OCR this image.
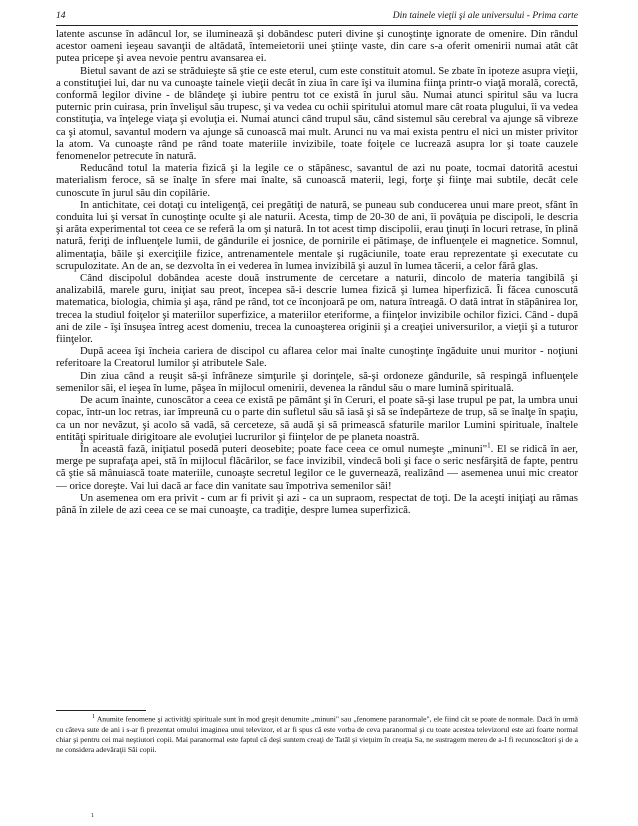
14	Din tainele vieţii şi ale universului - Prima carte

latente ascunse în adâncul lor, se iluminează şi dobândesc puteri divine şi cunoştinţe ignorate de omenire. Din rândul acestor oameni ieşeau savanţii de altădată, întemeietorii unei ştiinţe vaste, din care s-a oferit omenirii numai atât cât putea pricepe şi avea nevoie pentru avansarea ei.

Bietul savant de azi se străduieşte să ştie ce este eterul, cum este constituit atomul. Se zbate în ipoteze asupra vieţii, a constituţiei lui, dar nu va cunoaşte tainele vieţii decât în ziua în care îşi va ilumina fiinţa printr-o viaţă morală, corectă, conformă legilor divine - de blândeţe şi iubire pentru tot ce există în jurul său. Numai atunci spiritul său va lucra puternic prin cuirasa, prin învelişul său trupesc, şi va vedea cu ochii spiritului atomul mare cât roata plugului, îi va vedea constituţia, va înţelege viaţa şi evoluţia ei. Numai atunci când trupul său, când sistemul său cerebral va ajunge să vibreze ca şi atomul, savantul modern va ajunge să cunoască mai mult. Arunci nu va mai exista pentru el nici un mister privitor la atom. Va cunoaşte rând pe rând toate materiile invizibile, toate foiţele ce lucrează asupra lor şi toate cauzele fenomenelor petrecute în natură.

Reducând totul la materia fizică şi la legile ce o stăpânesc, savantul de azi nu poate, tocmai datorită acestui materialism feroce, să se înalţe în sfere mai înalte, să cunoască materii, legi, forţe şi fiinţe mai subtile, decât cele cunoscute în jurul său din copilărie.

In antichitate, cei dotaţi cu inteligenţă, cei pregătiţi de natură, se puneau sub conducerea unui mare preot, sfânt în conduita lui şi versat în cunoştinţe oculte şi ale naturii. Acesta, timp de 20-30 de ani, îi povăţuia pe discipoli, le descria şi arăta experimental tot ceea ce se referă la om şi natură. In tot acest timp discipolii, erau ţinuţi în locuri retrase, în plină natură, feriţi de influenţele lumii, de gândurile ei josnice, de pornirile ei pătimaşe, de influenţele ei magnetice. Somnul, alimentaţia, băile şi exerciţiile fizice, antrenamentele mentale şi rugăciunile, toate erau reprezentate şi executate cu scrupulozitate. An de an, se dezvolta în ei vederea în lumea invizibilă şi auzul în lumea tăcerii, a celor fără glas.

Când discipolul dobândea aceste două instrumente de cercetare a naturii, dincolo de materia tangibilă şi analizabilă, marele guru, iniţiat sau preot, începea să-i descrie lumea fizică şi lumea hiperfizică. Îi făcea cunoscută matematica, biologia, chimia şi aşa, rând pe rând, tot ce înconjoară pe om, natura întreagă. O dată intrat în stăpânirea lor, trecea la studiul foiţelor şi materiilor superfizice, a materiilor eteriforme, a fiinţelor invizibile ochilor fizici. Când - după ani de zile - îşi însuşea întreg acest domeniu, trecea la cunoaşterea originii şi a creaţiei universurilor, a vieţii şi a tuturor fiinţelor.

După aceea îşi încheia cariera de discipol cu aflarea celor mai înalte cunoştinţe îngăduite unui muritor - noţiuni referitoare la Creatorul lumilor şi atributele Sale.

Din ziua când a reuşit să-şi înfrâneze simţurile şi dorinţele, să-şi ordoneze gândurile, să respingă influenţele semenilor săi, el ieşea în lume, păşea în mijlocul omenirii, devenea la rândul său o mare lumină spirituală.

De acum înainte, cunoscător a ceea ce există pe pământ şi în Ceruri, el poate să-şi lase trupul pe pat, la umbra unui copac, într-un loc retras, iar împreună cu o parte din sufletul său să iasă şi să se îndepărteze de trup, să se înalţe în spaţiu, ca un nor nevăzut, şi acolo să vadă, să cerceteze, să audă şi să primească sfaturile marilor Lumini spirituale, înaltele entităţi spirituale dirigitoare ale evoluţiei lucrurilor şi fiinţelor de pe planeta noastră.

În această fază, iniţiatul posedă puteri deosebite; poate face ceea ce omul numeşte „minuni"$^1$. El se ridică în aer, merge pe suprafaţa apei, stă în mijlocul flăcărilor, se face invizibil, vindecă boli şi face o seric nesfârşită de fapte, pentru că ştie să mânuiască toate materiile, cunoaşte secretul legilor ce le guvernează, realizând — asemenea unui mic creator — orice doreşte. Vai lui dacă ar face din vanitate sau împotriva semenilor săi!

Un asemenea om era privit - cum ar fi privit şi azi - ca un supraom, respectat de toţi. De la aceşti iniţiaţi au rămas până în zilele de azi ceea ce se mai cunoaşte, ca tradiţie, despre lumea superfizică.

$^1$ Anumite fenomene şi activităţi spirituale sunt în mod greşit denumite „minuni" sau „fenomene paranormale", ele fiind cât se poate de normale. Dacă în urmă cu câteva sute de ani i s-ar fi prezentat omului imaginea unui televizor, el ar fi spus că este vorba de ceva paranormal şi cu toate acestea televizorul este azi foarte normal chiar şi pentru cei mai neştiutori copii. Mai paranormal este faptul că deşi suntem creaţi de Tatăl şi vieţuim în creaţia Sa, ne sustragem mereu de a-I fi recunoscători şi de a ne considera adevăraţii Săi copii.

1
